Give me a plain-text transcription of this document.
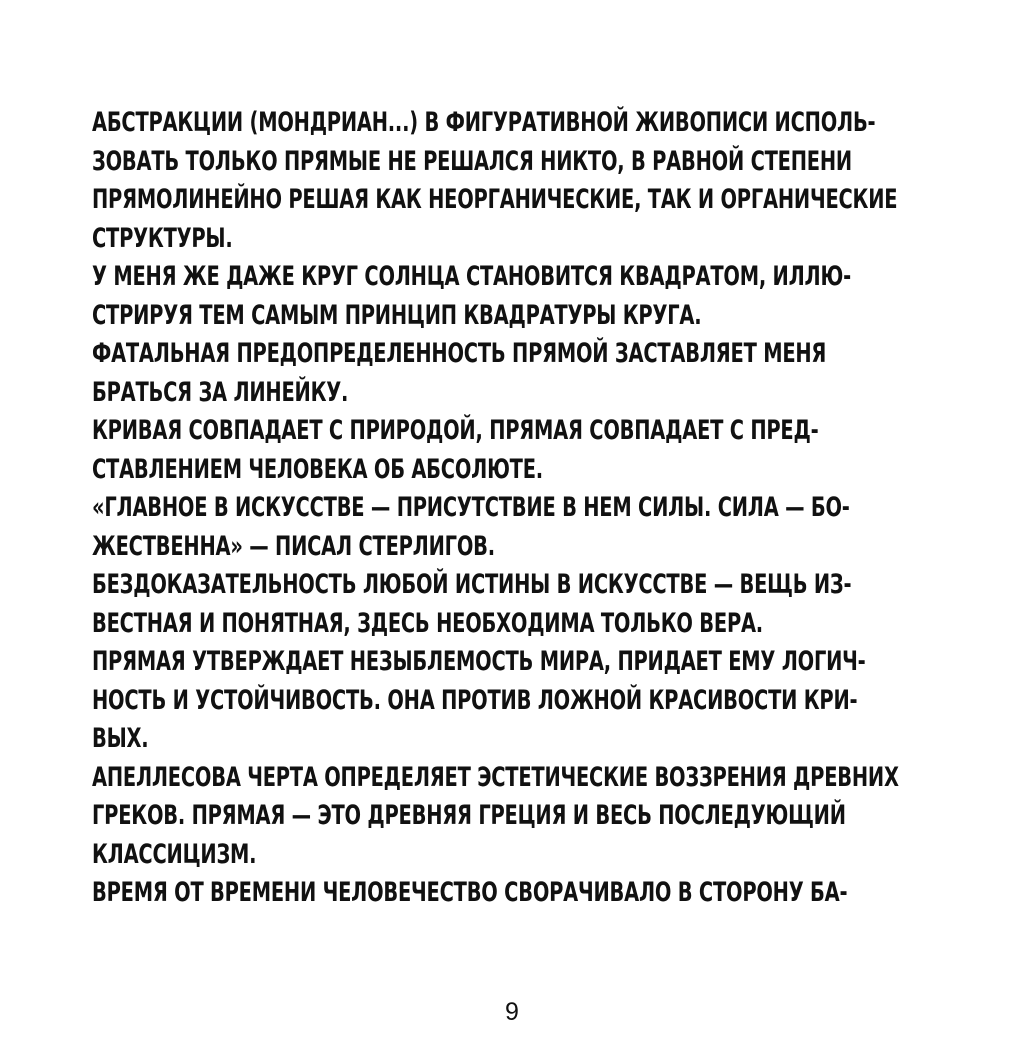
АБСТРАКЦИИ (МОНДРИАН...) В ФИГУРАТИВНОЙ ЖИВОПИСИ ИСПОЛЬ-
ЗОВАТЬ ТОЛЬКО ПРЯМЫЕ НЕ РЕШАЛСЯ НИКТО, В РАВНОЙ СТЕПЕНИ
ПРЯМОЛИНЕЙНО РЕШАЯ КАК НЕОРГАНИЧЕСКИЕ, ТАК И ОРГАНИЧЕСКИЕ
СТРУКТУРЫ.
У МЕНЯ ЖЕ ДАЖЕ КРУГ СОЛНЦА СТАНОВИТСЯ КВАДРАТОМ, ИЛЛЮ-
СТРИРУЯ ТЕМ САМЫМ ПРИНЦИП КВАДРАТУРЫ КРУГА.
ФАТАЛЬНАЯ ПРЕДОПРЕДЕЛЕННОСТЬ ПРЯМОЙ ЗАСТАВЛЯЕТ МЕНЯ
БРАТЬСЯ ЗА ЛИНЕЙКУ.
КРИВАЯ СОВПАДАЕТ С ПРИРОДОЙ, ПРЯМАЯ СОВПАДАЕТ С ПРЕД-
СТАВЛЕНИЕМ ЧЕЛОВЕКА ОБ АБСОЛЮТЕ.
«ГЛАВНОЕ В ИСКУССТВЕ — ПРИСУТСТВИЕ В НЕМ СИЛЫ. СИЛА — БО-
ЖЕСТВЕННА» — ПИСАЛ СТЕРЛИГОВ.
БЕЗДОКАЗАТЕЛЬНОСТЬ ЛЮБОЙ ИСТИНЫ В ИСКУССТВЕ — ВЕЩЬ ИЗ-
ВЕСТНАЯ И ПОНЯТНАЯ, ЗДЕСЬ НЕОБХОДИМА ТОЛЬКО ВЕРА.
ПРЯМАЯ УТВЕРЖДАЕТ НЕЗЫБЛЕМОСТЬ МИРА, ПРИДАЕТ ЕМУ ЛОГИЧ-
НОСТЬ И УСТОЙЧИВОСТЬ. ОНА ПРОТИВ ЛОЖНОЙ КРАСИВОСТИ КРИ-
ВЫХ.
АПЕЛЛЕСОВА ЧЕРТА ОПРЕДЕЛЯЕТ ЭСТЕТИЧЕСКИЕ ВОЗЗРЕНИЯ ДРЕВНИХ
ГРЕКОВ. ПРЯМАЯ — ЭТО ДРЕВНЯЯ ГРЕЦИЯ И ВЕСЬ ПОСЛЕДУЮЩИЙ
КЛАССИЦИЗМ.
ВРЕМЯ ОТ ВРЕМЕНИ ЧЕЛОВЕЧЕСТВО СВОРАЧИВАЛО В СТОРОНУ БА-
9
